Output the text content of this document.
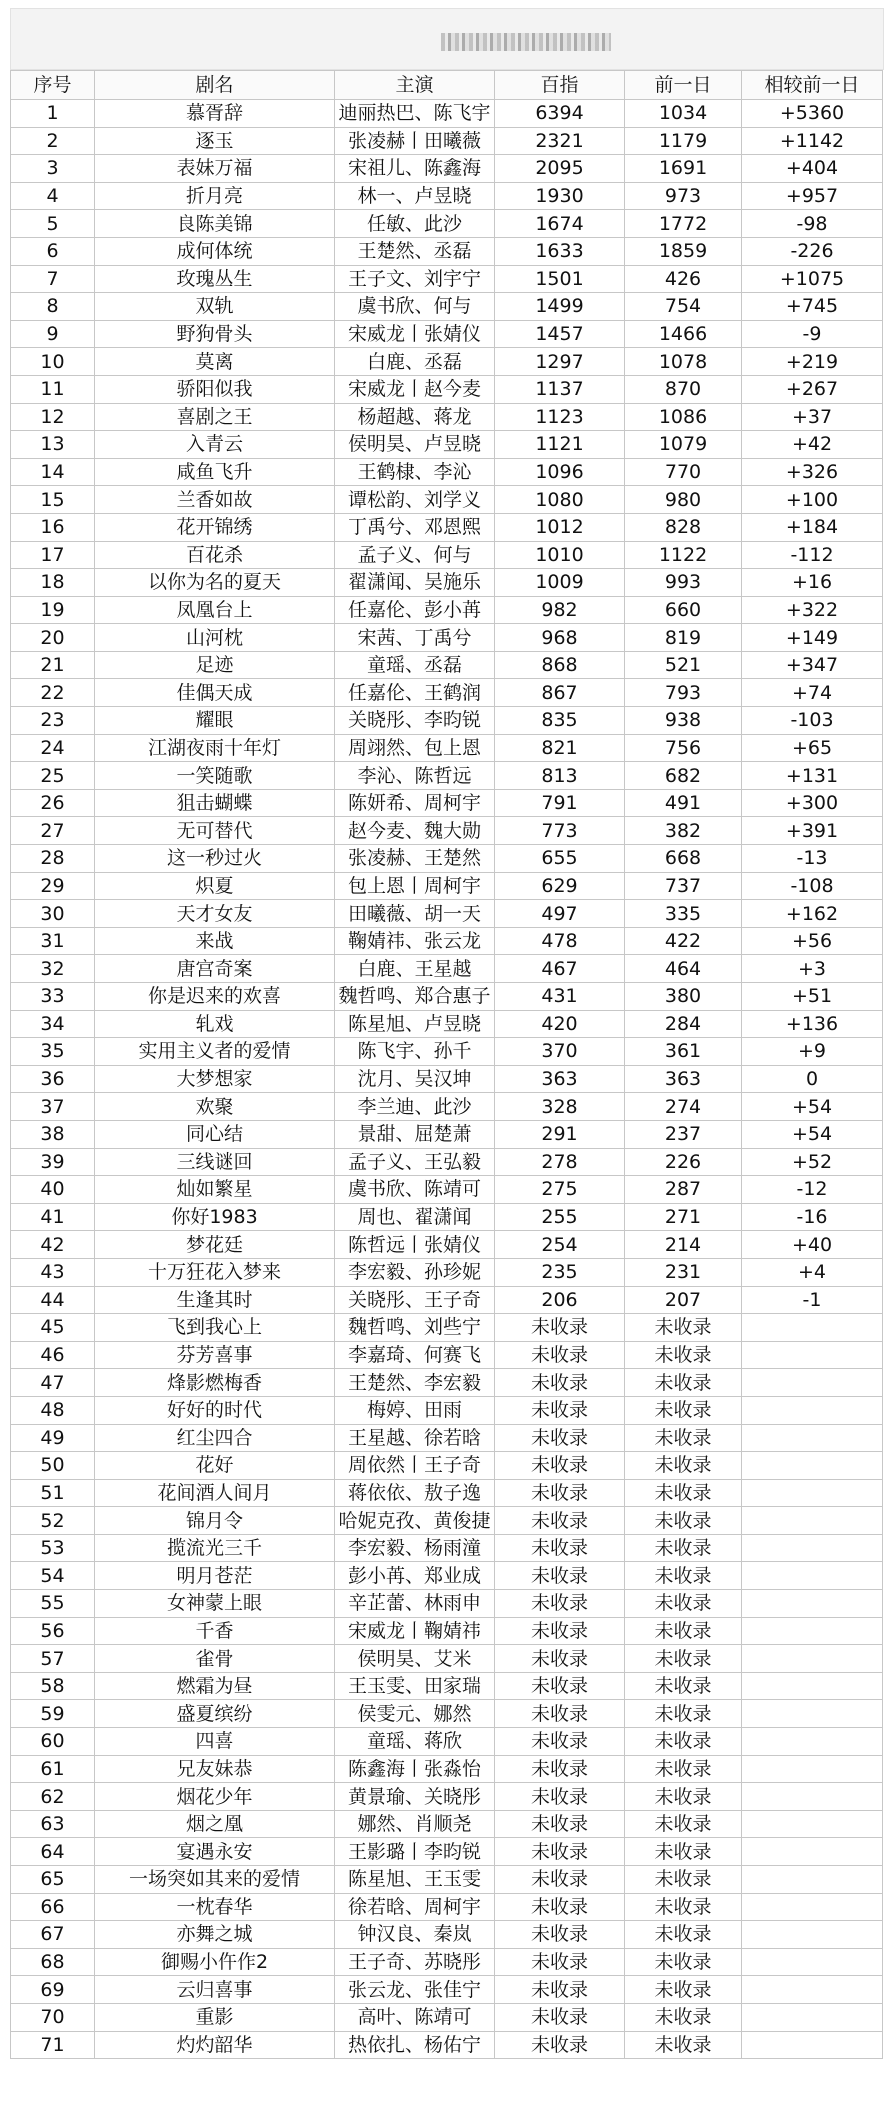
序号	剧名	主演	百指	前一日	相较前一日
1	慕胥辞	迪丽热巴、陈飞宇	6394	1034	+5360
2	逐玉	张凌赫丨田曦薇	2321	1179	+1142
3	表妹万福	宋祖儿、陈鑫海	2095	1691	+404
4	折月亮	林一、卢昱晓	1930	973	+957
5	良陈美锦	任敏、此沙	1674	1772	-98
6	成何体统	王楚然、丞磊	1633	1859	-226
7	玫瑰丛生	王子文、刘宇宁	1501	426	+1075
8	双轨	虞书欣、何与	1499	754	+745
9	野狗骨头	宋威龙丨张婧仪	1457	1466	-9
10	莫离	白鹿、丞磊	1297	1078	+219
11	骄阳似我	宋威龙丨赵今麦	1137	870	+267
12	喜剧之王	杨超越、蒋龙	1123	1086	+37
13	入青云	侯明昊、卢昱晓	1121	1079	+42
14	咸鱼飞升	王鹤棣、李沁	1096	770	+326
15	兰香如故	谭松韵、刘学义	1080	980	+100
16	花开锦绣	丁禹兮、邓恩熙	1012	828	+184
17	百花杀	孟子义、何与	1010	1122	-112
18	以你为名的夏天	翟潇闻、吴施乐	1009	993	+16
19	凤凰台上	任嘉伦、彭小苒	982	660	+322
20	山河枕	宋茜、丁禹兮	968	819	+149
21	足迹	童瑶、丞磊	868	521	+347
22	佳偶天成	任嘉伦、王鹤润	867	793	+74
23	耀眼	关晓彤、李昀锐	835	938	-103
24	江湖夜雨十年灯	周翊然、包上恩	821	756	+65
25	一笑随歌	李沁、陈哲远	813	682	+131
26	狙击蝴蝶	陈妍希、周柯宇	791	491	+300
27	无可替代	赵今麦、魏大勋	773	382	+391
28	这一秒过火	张凌赫、王楚然	655	668	-13
29	炽夏	包上恩丨周柯宇	629	737	-108
30	天才女友	田曦薇、胡一天	497	335	+162
31	来战	鞠婧祎、张云龙	478	422	+56
32	唐宫奇案	白鹿、王星越	467	464	+3
33	你是迟来的欢喜	魏哲鸣、郑合惠子	431	380	+51
34	轧戏	陈星旭、卢昱晓	420	284	+136
35	实用主义者的爱情	陈飞宇、孙千	370	361	+9
36	大梦想家	沈月、吴汉坤	363	363	0
37	欢聚	李兰迪、此沙	328	274	+54
38	同心结	景甜、屈楚萧	291	237	+54
39	三线谜回	孟子义、王弘毅	278	226	+52
40	灿如繁星	虞书欣、陈靖可	275	287	-12
41	你好1983	周也、翟潇闻	255	271	-16
42	梦花廷	陈哲远丨张婧仪	254	214	+40
43	十万狂花入梦来	李宏毅、孙珍妮	235	231	+4
44	生逢其时	关晓彤、王子奇	206	207	-1
45	飞到我心上	魏哲鸣、刘些宁	未收录	未收录	
46	芬芳喜事	李嘉琦、何赛飞	未收录	未收录	
47	烽影燃梅香	王楚然、李宏毅	未收录	未收录	
48	好好的时代	梅婷、田雨	未收录	未收录	
49	红尘四合	王星越、徐若晗	未收录	未收录	
50	花好	周依然丨王子奇	未收录	未收录	
51	花间酒人间月	蒋依依、敖子逸	未收录	未收录	
52	锦月令	哈妮克孜、黄俊捷	未收录	未收录	
53	揽流光三千	李宏毅、杨雨潼	未收录	未收录	
54	明月苍茫	彭小苒、郑业成	未收录	未收录	
55	女神蒙上眼	辛芷蕾、林雨申	未收录	未收录	
56	千香	宋威龙丨鞠婧祎	未收录	未收录	
57	雀骨	侯明昊、艾米	未收录	未收录	
58	燃霜为昼	王玉雯、田家瑞	未收录	未收录	
59	盛夏缤纷	侯雯元、娜然	未收录	未收录	
60	四喜	童瑶、蒋欣	未收录	未收录	
61	兄友妹恭	陈鑫海丨张淼怡	未收录	未收录	
62	烟花少年	黄景瑜、关晓彤	未收录	未收录	
63	烟之凰	娜然、肖顺尧	未收录	未收录	
64	宴遇永安	王影璐丨李昀锐	未收录	未收录	
65	一场突如其来的爱情	陈星旭、王玉雯	未收录	未收录	
66	一枕春华	徐若晗、周柯宇	未收录	未收录	
67	亦舞之城	钟汉良、秦岚	未收录	未收录	
68	御赐小仵作2	王子奇、苏晓彤	未收录	未收录	
69	云归喜事	张云龙、张佳宁	未收录	未收录	
70	重影	高叶、陈靖可	未收录	未收录	
71	灼灼韶华	热依扎、杨佑宁	未收录	未收录	
